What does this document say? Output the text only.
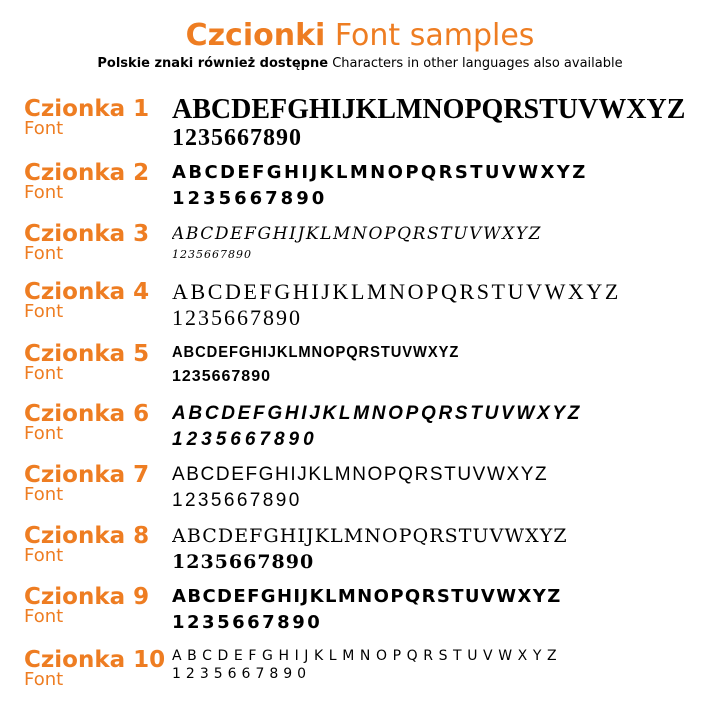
Czcionki Font samples
Polskie znaki również dostępne Characters in other languages also available
Czionka 1
Font
ABCDEFGHIJKLMNOPQRSTUVWXYZ
1235667890
Czionka 2
Font
ABCDEFGHIJKLMNOPQRSTUVWXYZ
1235667890
Czionka 3
Font
ABCDEFGHIJKLMNOPQRSTUVWXYZ
1235667890
Czionka 4
Font
ABCDEFGHIJKLMNOPQRSTUVWXYZ
1235667890
Czionka 5
Font
ABCDEFGHIJKLMNOPQRSTUVWXYZ
1235667890
Czionka 6
Font
ABCDEFGHIJKLMNOPQRSTUVWXYZ
1235667890
Czionka 7
Font
ABCDEFGHIJKLMNOPQRSTUVWXYZ
1235667890
Czionka 8
Font
ABCDEFGHIJKLMNOPQRSTUVWXYZ
1235667890
Czionka 9
Font
ABCDEFGHIJKLMNOPQRSTUVWXYZ
1235667890
Czionka 10
Font
ABCDEFGHIJKLMNOPQRSTUVWXYZ
1235667890
